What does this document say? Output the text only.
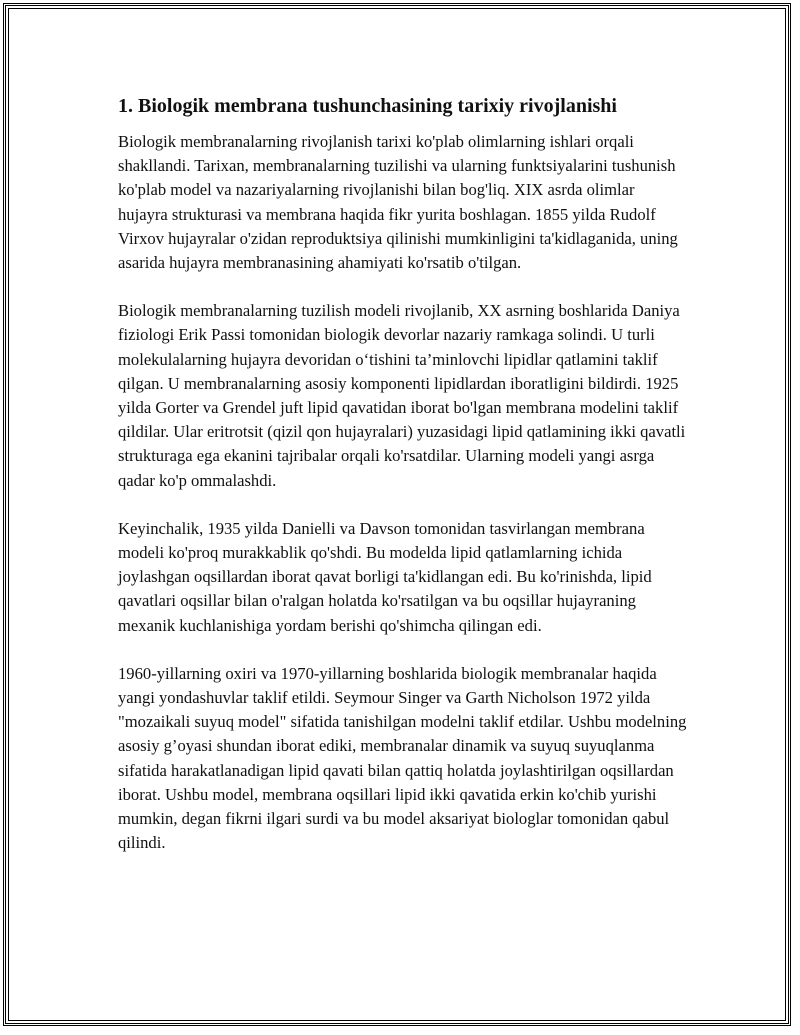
1. Biologik membrana tushunchasining tarixiy rivojlanishi

Biologik membranalarning rivojlanish tarixi ko'plab olimlarning ishlari orqali shakllandi. Tarixan, membranalarning tuzilishi va ularning funktsiyalarini tushunish ko'plab model va nazariyalarning rivojlanishi bilan bog'liq. XIX asrda olimlar hujayra strukturasi va membrana haqida fikr yurita boshlagan. 1855 yilda Rudolf Virxov hujayralar o'zidan reproduktsiya qilinishi mumkinligini ta'kidlaganida, uning asarida hujayra membranasining ahamiyati ko'rsatib o'tilgan.

Biologik membranalarning tuzilish modeli rivojlanib, XX asrning boshlarida Daniya fiziologi Erik Passi tomonidan biologik devorlar nazariy ramkaga solindi. U turli molekulalarning hujayra devoridan o‘tishini ta’minlovchi lipidlar qatlamini taklif qilgan. U membranalarning asosiy komponenti lipidlardan iboratligini bildirdi. 1925 yilda Gorter va Grendel juft lipid qavatidan iborat bo'lgan membrana modelini taklif qildilar. Ular eritrotsit (qizil qon hujayralari) yuzasidagi lipid qatlamining ikki qavatli strukturaga ega ekanini tajribalar orqali ko'rsatdilar. Ularning modeli yangi asrga qadar ko'p ommalashdi.

Keyinchalik, 1935 yilda Danielli va Davson tomonidan tasvirlangan membrana modeli ko'proq murakkablik qo'shdi. Bu modelda lipid qatlamlarning ichida joylashgan oqsillardan iborat qavat borligi ta'kidlangan edi. Bu ko'rinishda, lipid qavatlari oqsillar bilan o'ralgan holatda ko'rsatilgan va bu oqsillar hujayraning mexanik kuchlanishiga yordam berishi qo'shimcha qilingan edi.

1960-yillarning oxiri va 1970-yillarning boshlarida biologik membranalar haqida yangi yondashuvlar taklif etildi. Seymour Singer va Garth Nicholson 1972 yilda "mozaikali suyuq model" sifatida tanishilgan modelni taklif etdilar. Ushbu modelning asosiy g’oyasi shundan iborat ediki, membranalar dinamik va suyuq suyuqlanma sifatida harakatlanadigan lipid qavati bilan qattiq holatda joylashtirilgan oqsillardan iborat. Ushbu model, membrana oqsillari lipid ikki qavatida erkin ko'chib yurishi mumkin, degan fikrni ilgari surdi va bu model aksariyat biologlar tomonidan qabul qilindi.
